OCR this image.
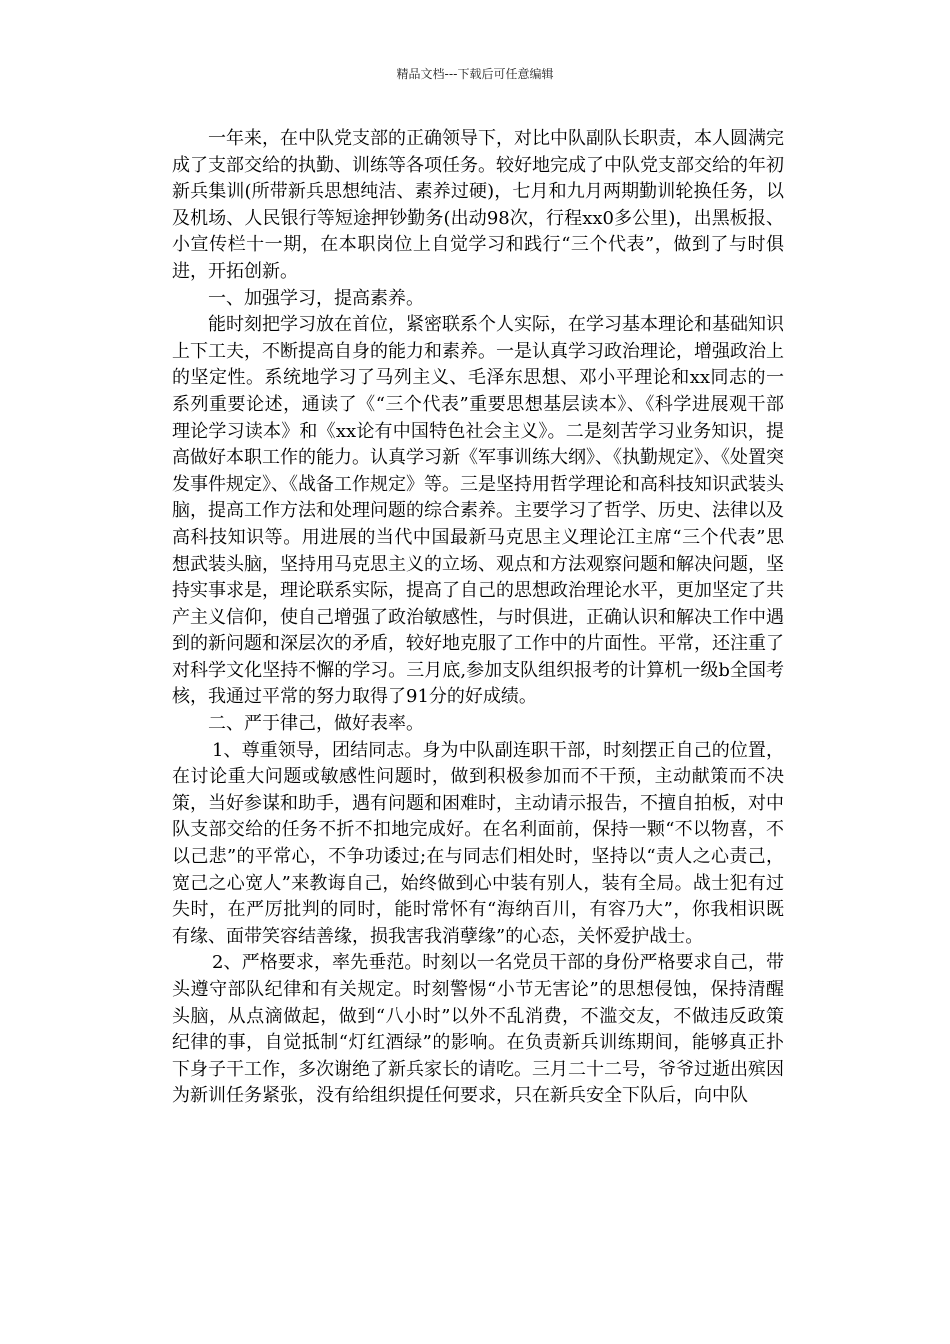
精品文档---下载后可任意编辑

一年来，在中队党支部的正确领导下，对比中队副队长职责，本人圆满完成了支部交给的执勤、训练等各项任务。较好地完成了中队党支部交给的年初新兵集训(所带新兵思想纯洁、素养过硬)，七月和九月两期勤训轮换任务，以及机场、人民银行等短途押钞勤务(出动98次，行程xx0多公里)，出黑板报、小宣传栏十一期，在本职岗位上自觉学习和践行“三个代表”，做到了与时俱进，开拓创新。

一、加强学习，提高素养。

能时刻把学习放在首位，紧密联系个人实际，在学习基本理论和基础知识上下工夫，不断提高自身的能力和素养。一是认真学习政治理论，增强政治上的坚定性。系统地学习了马列主义、毛泽东思想、邓小平理论和xx同志的一系列重要论述，通读了《“三个代表”重要思想基层读本》、《科学进展观干部理论学习读本》和《xx论有中国特色社会主义》。二是刻苦学习业务知识，提高做好本职工作的能力。认真学习新《军事训练大纲》、《执勤规定》、《处置突发事件规定》、《战备工作规定》等。三是坚持用哲学理论和高科技知识武装头脑，提高工作方法和处理问题的综合素养。主要学习了哲学、历史、法律以及高科技知识等。用进展的当代中国最新马克思主义理论江主席“三个代表”思想武装头脑，坚持用马克思主义的立场、观点和方法观察问题和解决问题，坚持实事求是，理论联系实际，提高了自己的思想政治理论水平，更加坚定了共产主义信仰，使自己增强了政治敏感性，与时俱进，正确认识和解决工作中遇到的新问题和深层次的矛盾，较好地克服了工作中的片面性。平常，还注重了对科学文化坚持不懈的学习。三月底,参加支队组织报考的计算机一级b全国考核，我通过平常的努力取得了91分的好成绩。

二、严于律己，做好表率。

1、尊重领导，团结同志。身为中队副连职干部，时刻摆正自己的位置，在讨论重大问题或敏感性问题时，做到积极参加而不干预，主动献策而不决策，当好参谋和助手，遇有问题和困难时，主动请示报告，不擅自拍板，对中队支部交给的任务不折不扣地完成好。在名利面前，保持一颗“不以物喜，不以己悲”的平常心，不争功诿过;在与同志们相处时，坚持以“责人之心责己，宽己之心宽人”来教诲自己，始终做到心中装有别人，装有全局。战士犯有过失时，在严厉批判的同时，能时常怀有“海纳百川，有容乃大”，你我相识既有缘、面带笑容结善缘，损我害我消孽缘”的心态，关怀爱护战士。

2、严格要求，率先垂范。时刻以一名党员干部的身份严格要求自己，带头遵守部队纪律和有关规定。时刻警惕“小节无害论”的思想侵蚀，保持清醒头脑，从点滴做起，做到“八小时”以外不乱消费，不滥交友，不做违反政策纪律的事，自觉抵制“灯红酒绿”的影响。在负责新兵训练期间，能够真正扑下身子干工作，多次谢绝了新兵家长的请吃。三月二十二号，爷爷过逝出殡因为新训任务紧张，没有给组织提任何要求，只在新兵安全下队后，向中队
